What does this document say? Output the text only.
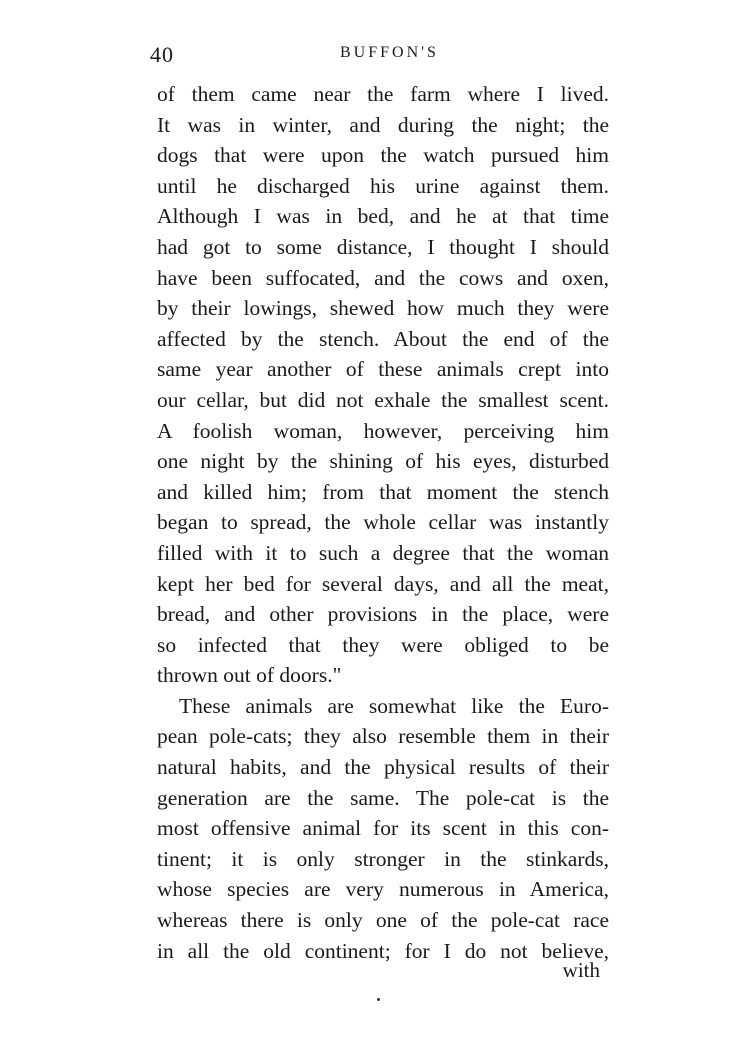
40	BUFFON'S
of them came near the farm where I lived.
It was in winter, and during the night; the
dogs that were upon the watch pursued him
until he discharged his urine against them.
Although I was in bed, and he at that time
had got to some distance, I thought I should
have been suffocated, and the cows and oxen,
by their lowings, shewed how much they were
affected by the stench. About the end of the
same year another of these animals crept into
our cellar, but did not exhale the smallest scent.
A foolish woman, however, perceiving him
one night by the shining of his eyes, disturbed
and killed him; from that moment the stench
began to spread, the whole cellar was instantly
filled with it to such a degree that the woman
kept her bed for several days, and all the meat,
bread, and other provisions in the place, were
so infected that they were obliged to be
thrown out of doors."
These animals are somewhat like the Euro-
pean pole-cats; they also resemble them in their
natural habits, and the physical results of their
generation are the same. The pole-cat is the
most offensive animal for its scent in this con-
tinent; it is only stronger in the stinkards,
whose species are very numerous in America,
whereas there is only one of the pole-cat race
in all the old continent; for I do not believe,
with
